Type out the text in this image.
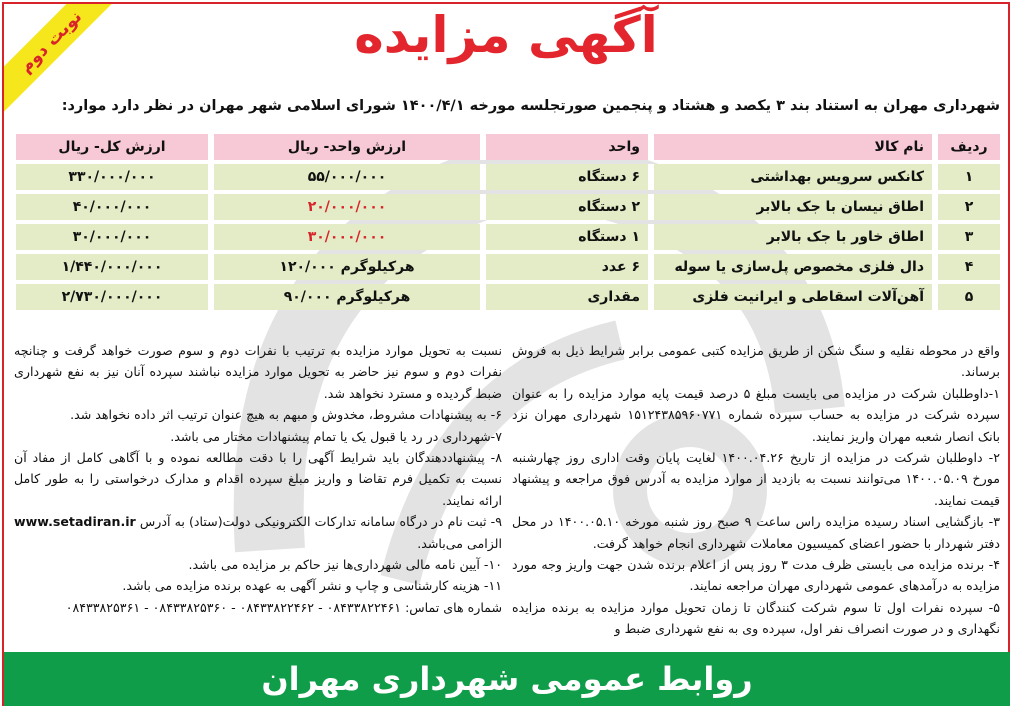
آگهی مزایده
نوبت دوم
شهرداری مهران به استناد بند ۳ یکصد و هشتاد و پنجمین صورتجلسه مورخه ۱۴۰۰/۴/۱ شورای اسلامی شهر مهران در نظر دارد موارد:
ردیف		نام کالا		واحد		ارزش واحد- ریال		ارزش کل- ریال
۱		کانکس سرویس بهداشتی		۶ دستگاه		۵۵/۰۰۰/۰۰۰		۳۳۰/۰۰۰/۰۰۰
۲		اطاق نیسان با جک بالابر		۲ دستگاه		۲۰/۰۰۰/۰۰۰		۴۰/۰۰۰/۰۰۰
۳		اطاق خاور با جک بالابر		۱ دستگاه		۳۰/۰۰۰/۰۰۰		۳۰/۰۰۰/۰۰۰
۴		دال فلزی مخصوص پل‌سازی یا سوله		۶ عدد		هرکیلوگرم ۱۲۰/۰۰۰		۱/۴۴۰/۰۰۰/۰۰۰
۵		آهن‌آلات اسقاطی و ایرانیت فلزی		مقداری		هرکیلوگرم ۹۰/۰۰۰		۲/۷۳۰/۰۰۰/۰۰۰

واقع در محوطه نقلیه و سنگ شکن از طریق مزایده کتبی عمومی برابر شرایط ذیل به فروش برساند.

۱-داوطلبان شرکت در مزایده می بایست مبلغ ۵ درصد قیمت پایه موارد مزایده را به عنوان سپرده شرکت در مزایده به حساب سپرده شماره ۱۵۱۲۴۳۸۵۹۶۰۷۷۱ شهرداری مهران نزد بانک انصار شعبه مهران واریز نمایند.

۲- داوطلبان شرکت در مزایده از تاریخ ۱۴۰۰.۰۴.۲۶ لغایت پایان وقت اداری روز چهارشنبه مورخ ۱۴۰۰.۰۵.۰۹ می‌توانند نسبت به بازدید از موارد مزایده به آدرس فوق مراجعه و پیشنهاد قیمت نمایند.

۳- بازگشایی اسناد رسیده مزایده راس ساعت ۹ صبح روز شنبه مورخه ۱۴۰۰.۰۵.۱۰ در محل دفتر شهردار با حضور اعضای کمیسیون معاملات شهرداری انجام خواهد گرفت.

۴- برنده مزایده می بایستی ظرف مدت ۳ روز پس از اعلام برنده شدن جهت واریز وجه مورد مزایده به درآمدهای عمومی شهرداری مهران مراجعه نمایند.

۵- سپرده نفرات اول تا سوم شرکت کنندگان تا زمان تحویل موارد مزایده به برنده مزایده نگهداری و در صورت انصراف نفر اول، سپرده وی به نفع شهرداری ضبط و

نسبت به تحویل موارد مزایده به ترتیب با نفرات دوم و سوم صورت خواهد گرفت و چنانچه نفرات دوم و سوم نیز حاضر به تحویل موارد مزایده نباشند سپرده آنان نیز به نفع شهرداری ضبط گردیده و مسترد نخواهد شد.

۶- به پیشنهادات مشروط، مخدوش و مبهم به هیچ عنوان ترتیب اثر داده نخواهد شد.

۷-شهرداری در رد یا قبول یک یا تمام پیشنهادات مختار می باشد.

۸- پیشنهاددهندگان باید شرایط آگهی را با دقت مطالعه نموده و با آگاهی کامل از مفاد آن نسبت به تکمیل فرم تقاضا و واریز مبلغ سپرده اقدام و مدارک درخواستی را به طور کامل ارائه نمایند.

۹- ثبت نام در درگاه سامانه تدارکات الکترونیکی دولت(ستاد) به آدرس www.setadiran.ir الزامی می‌باشد.

۱۰- آیین نامه مالی شهرداری‌ها نیز حاکم بر مزایده می باشد.

۱۱- هزینه کارشناسی و چاپ و نشر آگهی به عهده برنده مزایده می باشد.

شماره های تماس: ۰۸۴۳۳۸۲۲۴۶۱ - ۰۸۴۳۳۸۲۲۴۶۲ - ۰۸۴۳۳۸۲۵۳۶۰ - ۰۸۴۳۳۸۲۵۳۶۱

روابط عمومی شهرداری مهران
